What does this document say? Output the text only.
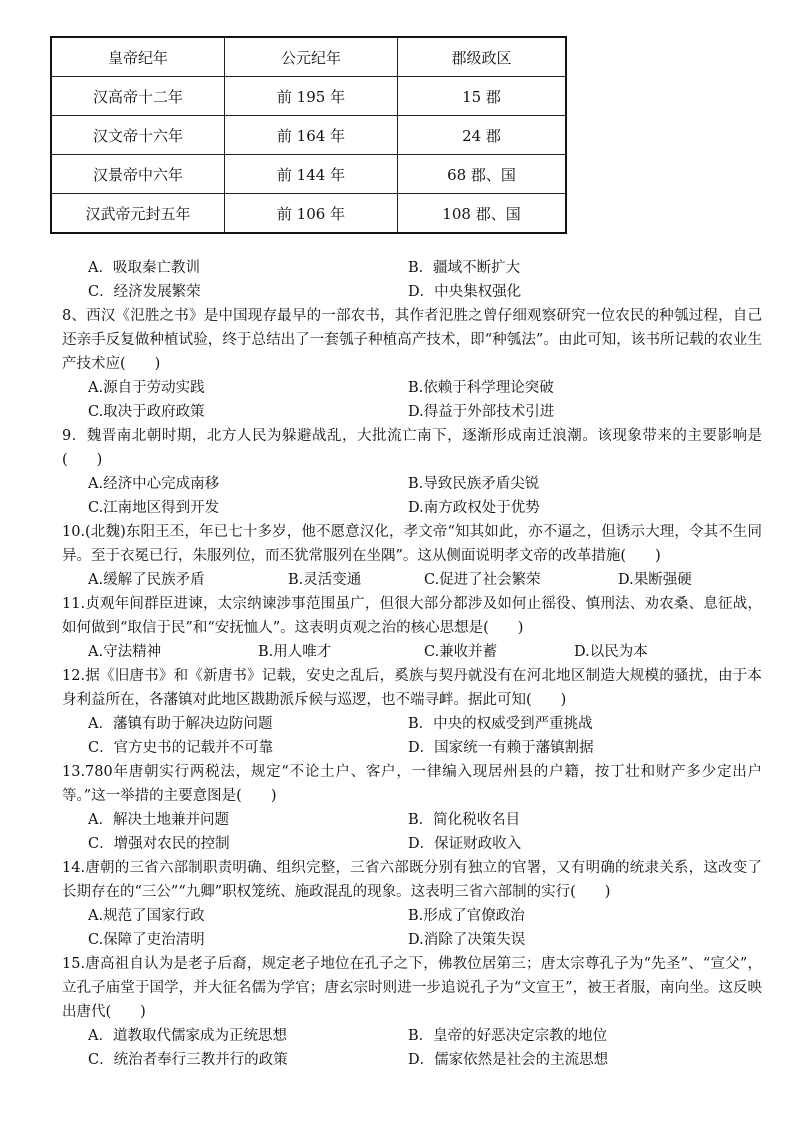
皇帝纪年	公元纪年	郡级政区
汉高帝十二年	前 195 年	15 郡
汉文帝十六年	前 164 年	24 郡
汉景帝中六年	前 144 年	68 郡、国
汉武帝元封五年	前 106 年	108 郡、国
A．吸取秦亡教训	B．疆域不断扩大
C．经济发展繁荣	D．中央集权强化

8、西汉《氾胜之书》是中国现存最早的一部农书，其作者氾胜之曾仔细观察研究一位农民的种瓠过程，自己还亲手反复做种植试验，终于总结出了一套瓠子种植高产技术，即“种瓠法”。由此可知，该书所记载的农业生产技术应(　　)

A.源自于劳动实践	B.依赖于科学理论突破
C.取决于政府政策	D.得益于外部技术引进

9．魏晋南北朝时期，北方人民为躲避战乱，大批流亡南下，逐渐形成南迁浪潮。该现象带来的主要影响是(　　)

A.经济中心完成南移	B.导致民族矛盾尖锐
C.江南地区得到开发	D.南方政权处于优势

10.(北魏)东阳王丕，年已七十多岁，他不愿意汉化，孝文帝“知其如此，亦不逼之，但诱示大理，令其不生同异。至于衣冕已行，朱服列位，而丕犹常服列在坐隅”。这从侧面说明孝文帝的改革措施(　　)

A.缓解了民族矛盾	B.灵活变通	C.促进了社会繁荣	D.果断强硬

11.贞观年间群臣进谏，太宗纳谏涉事范围虽广，但很大部分都涉及如何止徭役、慎刑法、劝农桑、息征战，如何做到“取信于民”和“安抚恤人”。这表明贞观之治的核心思想是(　　)

A.守法精神	B.用人唯才	C.兼收并蓄	D.以民为本

12.据《旧唐书》和《新唐书》记载，安史之乱后，奚族与契丹就没有在河北地区制造大规模的骚扰，由于本身利益所在，各藩镇对此地区戡勘派斥候与巡逻，也不端寻衅。据此可知(　　)

A．藩镇有助于解决边防问题	B．中央的权威受到严重挑战
C．官方史书的记载并不可靠	D．国家统一有赖于藩镇割据

13.780年唐朝实行两税法，规定“不论土户、客户，一律编入现居州县的户籍，按丁壮和财产多少定出户等。”这一举措的主要意图是(　　)

A．解决土地兼并问题	B．简化税收名目
C．增强对农民的控制	D．保证财政收入

14.唐朝的三省六部制职责明确、组织完整，三省六部既分别有独立的官署，又有明确的统隶关系，这改变了长期存在的“三公”“九卿”职权笼统、施政混乱的现象。这表明三省六部制的实行(　　)

A.规范了国家行政	B.形成了官僚政治
C.保障了吏治清明	D.消除了决策失误

15.唐高祖自认为是老子后裔，规定老子地位在孔子之下，佛教位居第三；唐太宗尊孔子为“先圣”、“宣父”，立孔子庙堂于国学，并大征名儒为学官；唐玄宗时则进一步追说孔子为“文宣王”，被王者服，南向坐。这反映出唐代(　　)

A．道教取代儒家成为正统思想	B．皇帝的好恶决定宗教的地位
C．统治者奉行三教并行的政策	D．儒家依然是社会的主流思想
